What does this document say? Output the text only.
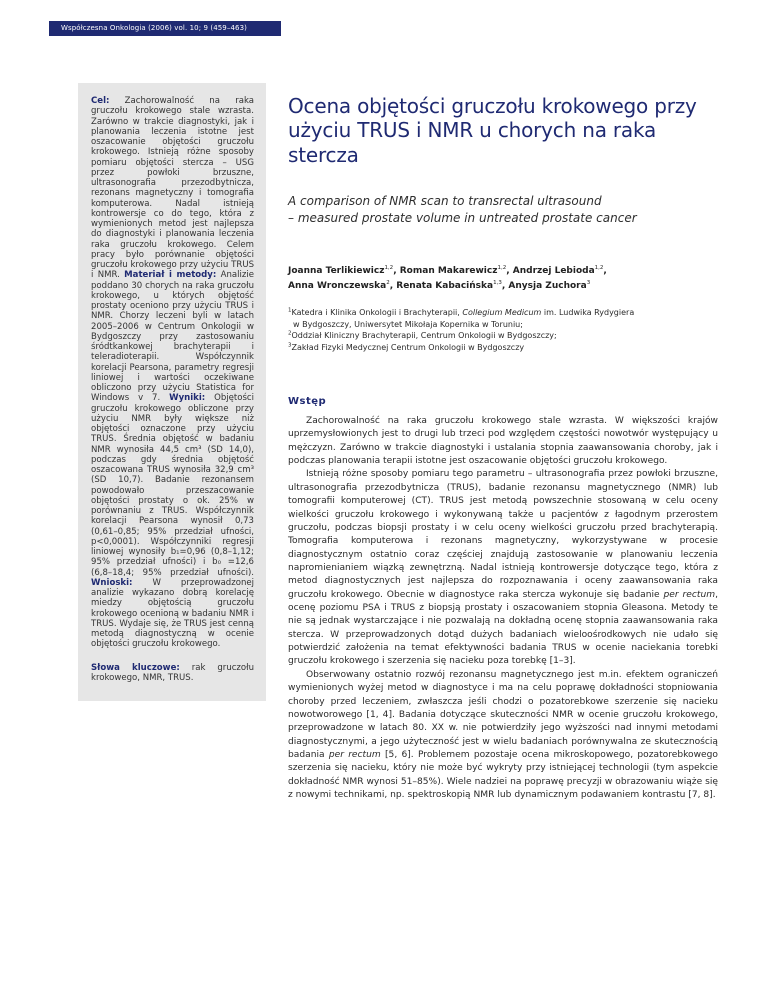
Współczesna Onkologia (2006) vol. 10; 9 (459–463)

Cel: Zachorowalność na raka gruczołu krokowego stale wzrasta. Zarówno w trakcie diagnostyki, jak i planowania leczenia istotne jest oszacowanie objętości gruczołu krokowego. Istnieją różne sposoby pomiaru objętości stercza – USG przez powłoki brzuszne, ultrasonografia przezodbytnicza, rezonans magnetyczny i tomografia komputerowa. Nadal istnieją kontrowersje co do tego, która z wymienionych metod jest najlepsza do diagnostyki i planowania leczenia raka gruczołu krokowego. Celem pracy było porównanie objętości gruczołu krokowego przy użyciu TRUS i NMR. Materiał i metody: Analizie poddano 30 chorych na raka gruczołu krokowego, u których objętość prostaty oceniono przy użyciu TRUS i NMR. Chorzy leczeni byli w latach 2005–2006 w Centrum Onkologii w Bydgoszczy przy zastosowaniu śródtkankowej brachyterapii i teleradioterapii. Współczynnik korelacji Pearsona, parametry regresji liniowej i wartości oczekiwane obliczono przy użyciu Statistica for Windows v 7. Wyniki: Objętości gruczołu krokowego obliczone przy użyciu NMR były większe niż objętości oznaczone przy użyciu TRUS. Średnia objętość w badaniu NMR wynosiła 44,5 cm³ (SD 14,0), podczas gdy średnia objętość oszacowana TRUS wynosiła 32,9 cm³ (SD 10,7). Badanie rezonansem powodowało przeszacowanie objętości prostaty o ok. 25% w porównaniu z TRUS. Współczynnik korelacji Pearsona wynosił 0,73 (0,61–0,85; 95% przedział ufności, p<0,0001). Współczynniki regresji liniowej wynosiły b₁=0,96 (0,8–1,12; 95% przedział ufności) i b₀ =12,6 (6,8–18,4; 95% przedział ufności). Wnioski: W przeprowadzonej analizie wykazano dobrą korelację miedzy objętością gruczołu krokowego ocenioną w badaniu NMR i TRUS. Wydaje się, że TRUS jest cenną metodą diagnostyczną w ocenie objętości gruczołu krokowego.

Słowa kluczowe: rak gruczołu krokowego, NMR, TRUS.

Ocena objętości gruczołu krokowego przy użyciu TRUS i NMR u chorych na raka stercza
A comparison of NMR scan to transrectal ultrasound
– measured prostate volume in untreated prostate cancer

Joanna Terlikiewicz$^{1,2}$, Roman Makarewicz$^{1,2}$, Andrzej Lebioda$^{1,2}$,
Anna Wronczewska$^2$, Renata Kabacińska$^{1,3}$, Anysja Zuchora$^3$

$^1$Katedra i Klinika Onkologii i Brachyterapii, Collegium Medicum im. Ludwika Rydygiera

w Bydgoszczy, Uniwersytet Mikołaja Kopernika w Toruniu;

$^2$Oddział Kliniczny Brachyterapii, Centrum Onkologii w Bydgoszczy;

$^3$Zakład Fizyki Medycznej Centrum Onkologii w Bydgoszczy

Wstęp

Zachorowalność na raka gruczołu krokowego stale wzrasta. W większości krajów uprzemysłowionych jest to drugi lub trzeci pod względem częstości nowotwór występujący u mężczyzn. Zarówno w trakcie diagnostyki i ustalania stopnia zaawansowania choroby, jak i podczas planowania terapii istotne jest oszacowanie objętości gruczołu krokowego.

Istnieją różne sposoby pomiaru tego parametru – ultrasonografia przez powłoki brzuszne, ultrasonografia przezodbytnicza (TRUS), badanie rezonansu magnetycznego (NMR) lub tomografii komputerowej (CT). TRUS jest metodą powszechnie stosowaną w celu oceny wielkości gruczołu krokowego i wykonywaną także u pacjentów z łagodnym przerostem gruczołu, podczas biopsji prostaty i w celu oceny wielkości gruczołu przed brachyterapią. Tomografia komputerowa i rezonans magnetyczny, wykorzystywane w procesie diagnostycznym ostatnio coraz częściej znajdują zastosowanie w planowaniu leczenia napromienianiem wiązką zewnętrzną. Nadal istnieją kontrowersje dotyczące tego, która z metod diagnostycznych jest najlepsza do rozpoznawania i oceny zaawansowania raka gruczołu krokowego. Obecnie w diagnostyce raka stercza wykonuje się badanie per rectum, ocenę poziomu PSA i TRUS z biopsją prostaty i oszacowaniem stopnia Gleasona. Metody te nie są jednak wystarczające i nie pozwalają na dokładną ocenę stopnia zaawansowania raka stercza. W przeprowadzonych dotąd dużych badaniach wieloośrodkowych nie udało się potwierdzić założenia na temat efektywności badania TRUS w ocenie naciekania torebki gruczołu krokowego i szerzenia się nacieku poza torebkę [1–3].

Obserwowany ostatnio rozwój rezonansu magnetycznego jest m.in. efektem ograniczeń wymienionych wyżej metod w diagnostyce i ma na celu poprawę dokładności stopniowania choroby przed leczeniem, zwłaszcza jeśli chodzi o pozatorebkowe szerzenie się nacieku nowotworowego [1, 4]. Badania dotyczące skuteczności NMR w ocenie gruczołu krokowego, przeprowadzone w latach 80. XX w. nie potwierdziły jego wyższości nad innymi metodami diagnostycznymi, a jego użyteczność jest w wielu badaniach porównywalna ze skutecznością badania per rectum [5, 6]. Problemem pozostaje ocena mikroskopowego, pozatorebkowego szerzenia się nacieku, który nie może być wykryty przy istniejącej technologii (tym aspekcie dokładność NMR wynosi 51–85%). Wiele nadziei na poprawę precyzji w obrazowaniu wiąże się z nowymi technikami, np. spektroskopią NMR lub dynamicznym podawaniem kontrastu [7, 8].
